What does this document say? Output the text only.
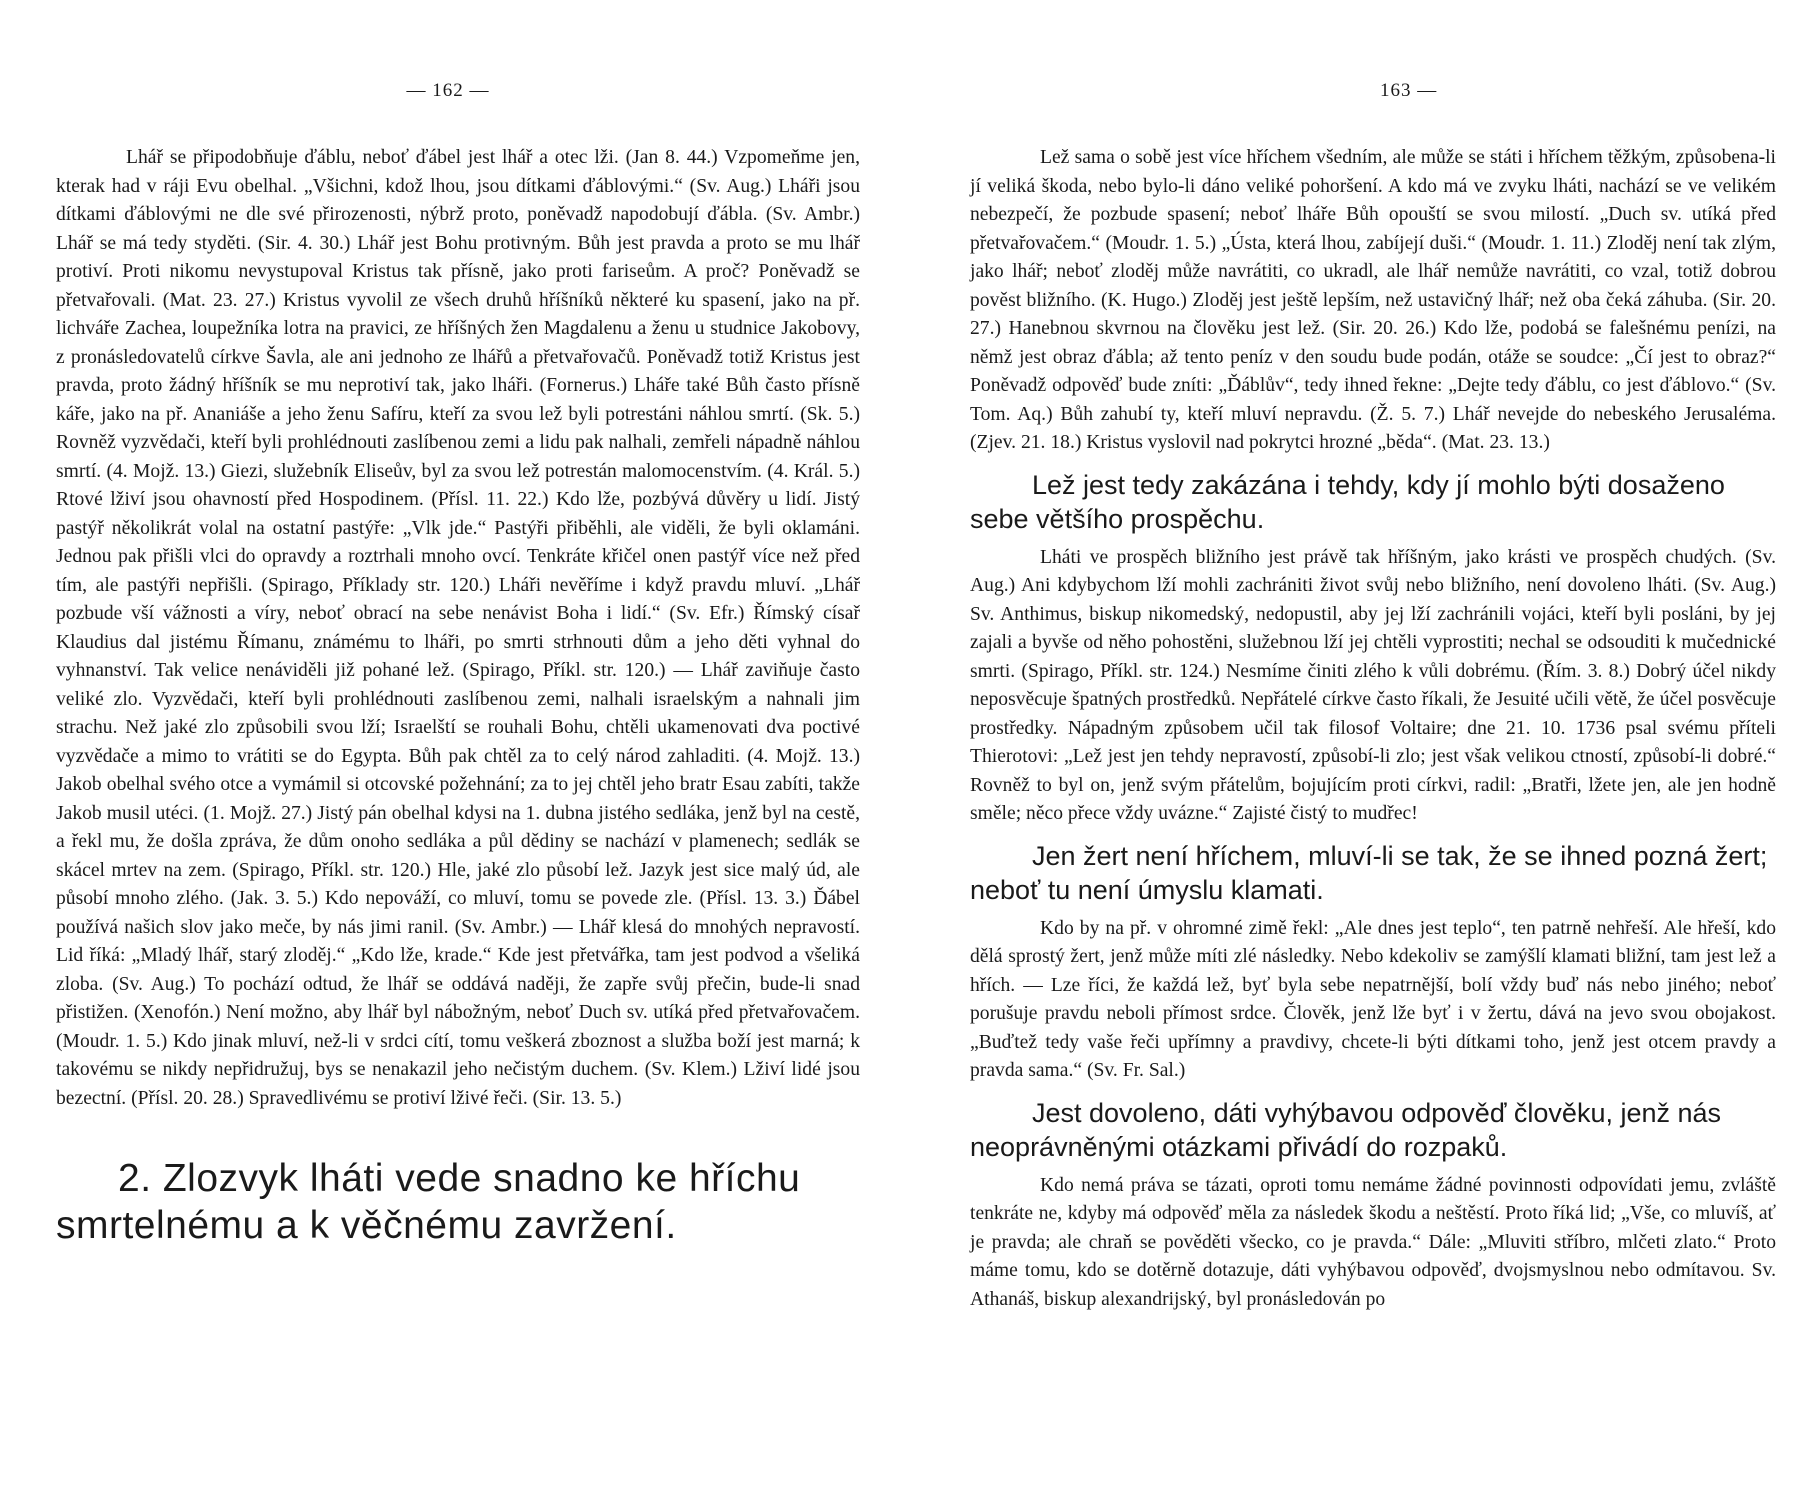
— 162 —

Lhář se připodobňuje ďáblu, neboť ďábel jest lhář a otec lži. (Jan 8. 44.) Vzpomeňme jen, kterak had v ráji Evu obelhal. „Všichni, kdož lhou, jsou dítkami ďáblovými.“ (Sv. Aug.) Lháři jsou dítkami ďáblovými ne dle své přirozenosti, nýbrž proto, poněvadž napodobují ďábla. (Sv. Ambr.) Lhář se má tedy styděti. (Sir. 4. 30.) Lhář jest Bohu protivným. Bůh jest pravda a proto se mu lhář protiví. Proti nikomu nevystupoval Kristus tak přísně, jako proti fariseům. A proč? Poněvadž se přetvařovali. (Mat. 23. 27.) Kristus vyvolil ze všech druhů hříšníků některé ku spasení, jako na př. lichváře Zachea, loupežníka lotra na pravici, ze hříšných žen Magdalenu a ženu u studnice Jakobovy, z pronásledovatelů církve Šavla, ale ani jednoho ze lhářů a přetvařovačů. Poněvadž totiž Kristus jest pravda, proto žádný hříšník se mu neprotiví tak, jako lháři. (Fornerus.) Lháře také Bůh často přísně káře, jako na př. Ananiáše a jeho ženu Safíru, kteří za svou lež byli potrestáni náhlou smrtí. (Sk. 5.) Rovněž vyzvědači, kteří byli prohlédnouti zaslíbenou zemi a lidu pak nalhali, zemřeli nápadně náhlou smrtí. (4. Mojž. 13.) Giezi, služebník Eliseův, byl za svou lež potrestán malomocenstvím. (4. Král. 5.) Rtové lživí jsou ohavností před Hospodinem. (Přísl. 11. 22.) Kdo lže, pozbývá důvěry u lidí. Jistý pastýř několikrát volal na ostatní pastýře: „Vlk jde.“ Pastýři přiběhli, ale viděli, že byli oklamáni. Jednou pak přišli vlci do opravdy a roztrhali mnoho ovcí. Tenkráte křičel onen pastýř více než před tím, ale pastýři nepřišli. (Spirago, Příklady str. 120.) Lháři nevěříme i když pravdu mluví. „Lhář pozbude vší vážnosti a víry, neboť obrací na sebe nenávist Boha i lidí.“ (Sv. Efr.) Římský císař Klaudius dal jistému Římanu, známému to lháři, po smrti strhnouti dům a jeho děti vyhnal do vyhnanství. Tak velice nenáviděli již pohané lež. (Spirago, Příkl. str. 120.) — Lhář zaviňuje často veliké zlo. Vyzvědači, kteří byli prohlédnouti zaslíbenou zemi, nalhali israelským a nahnali jim strachu. Než jaké zlo způsobili svou lží; Israelští se rouhali Bohu, chtěli ukamenovati dva poctivé vyzvědače a mimo to vrátiti se do Egypta. Bůh pak chtěl za to celý národ zahladiti. (4. Mojž. 13.) Jakob obelhal svého otce a vymámil si otcovské požehnání; za to jej chtěl jeho bratr Esau zabíti, takže Jakob musil utéci. (1. Mojž. 27.) Jistý pán obelhal kdysi na 1. dubna jistého sedláka, jenž byl na cestě, a řekl mu, že došla zpráva, že dům onoho sedláka a půl dědiny se nachází v plamenech; sedlák se skácel mrtev na zem. (Spirago, Příkl. str. 120.) Hle, jaké zlo působí lež. Jazyk jest sice malý úd, ale působí mnoho zlého. (Jak. 3. 5.) Kdo nepováží, co mluví, tomu se povede zle. (Přísl. 13. 3.) Ďábel používá našich slov jako meče, by nás jimi ranil. (Sv. Ambr.) — Lhář klesá do mnohých nepravostí. Lid říká: „Mladý lhář, starý zloděj.“ „Kdo lže, krade.“ Kde jest přetvářka, tam jest podvod a všeliká zloba. (Sv. Aug.) To pochází odtud, že lhář se oddává naději, že zapře svůj přečin, bude-li snad přistižen. (Xenofón.) Není možno, aby lhář byl nábožným, neboť Duch sv. utíká před přetvařovačem. (Moudr. 1. 5.) Kdo jinak mluví, než-li v srdci cítí, tomu veškerá zboznost a služba boží jest marná; k takovému se nikdy nepřidružuj, bys se nenakazil jeho nečistým duchem. (Sv. Klem.) Lživí lidé jsou bezectní. (Přísl. 20. 28.) Spravedlivému se protiví lživé řeči. (Sir. 13. 5.)

2. Zlozvyk lháti vede snadno ke hříchu smrtelnému a k věčnému zavržení.
163 —

Lež sama o sobě jest více hříchem všedním, ale může se státi i hříchem těžkým, způsobena-li jí veliká škoda, nebo bylo-li dáno veliké pohoršení. A kdo má ve zvyku lháti, nachází se ve velikém nebezpečí, že pozbude spasení; neboť lháře Bůh opouští se svou milostí. „Duch sv. utíká před přetvařovačem.“ (Moudr. 1. 5.) „Ústa, která lhou, zabíjejí duši.“ (Moudr. 1. 11.) Zloděj není tak zlým, jako lhář; neboť zloděj může navrátiti, co ukradl, ale lhář nemůže navrátiti, co vzal, totiž dobrou pověst bližního. (K. Hugo.) Zloděj jest ještě lepším, než ustavičný lhář; než oba čeká záhuba. (Sir. 20. 27.) Hanebnou skvrnou na člověku jest lež. (Sir. 20. 26.) Kdo lže, podobá se falešnému penízi, na němž jest obraz ďábla; až tento peníz v den soudu bude podán, otáže se soudce: „Čí jest to obraz?“ Poněvadž odpověď bude zníti: „Ďáblův“, tedy ihned řekne: „Dejte tedy ďáblu, co jest ďáblovo.“ (Sv. Tom. Aq.) Bůh zahubí ty, kteří mluví nepravdu. (Ž. 5. 7.) Lhář nevejde do nebeského Jerusaléma. (Zjev. 21. 18.) Kristus vyslovil nad pokrytci hrozné „běda“. (Mat. 23. 13.)

Lež jest tedy zakázána i tehdy, kdy jí mohlo býti dosaženo sebe většího prospěchu.

Lháti ve prospěch bližního jest právě tak hříšným, jako krásti ve prospěch chudých. (Sv. Aug.) Ani kdybychom lží mohli zachrániti život svůj nebo bližního, není dovoleno lháti. (Sv. Aug.) Sv. Anthimus, biskup nikomedský, nedopustil, aby jej lží zachránili vojáci, kteří byli posláni, by jej zajali a byvše od něho pohostěni, služebnou lží jej chtěli vyprostiti; nechal se odsouditi k mučednické smrti. (Spirago, Příkl. str. 124.) Nesmíme činiti zlého k vůli dobrému. (Řím. 3. 8.) Dobrý účel nikdy neposvěcuje špatných prostředků. Nepřátelé církve často říkali, že Jesuité učili větě, že účel posvěcuje prostředky. Nápadným způsobem učil tak filosof Voltaire; dne 21. 10. 1736 psal svému příteli Thierotovi: „Lež jest jen tehdy nepravostí, způsobí-li zlo; jest však velikou ctností, způsobí-li dobré.“ Rovněž to byl on, jenž svým přátelům, bojujícím proti církvi, radil: „Bratři, lžete jen, ale jen hodně směle; něco přece vždy uvázne.“ Zajisté čistý to mudřec!

Jen žert není hříchem, mluví-li se tak, že se ihned pozná žert; neboť tu není úmyslu klamati.

Kdo by na př. v ohromné zimě řekl: „Ale dnes jest teplo“, ten patrně nehřeší. Ale hřeší, kdo dělá sprostý žert, jenž může míti zlé následky. Nebo kdekoliv se zamýšlí klamati bližní, tam jest lež a hřích. — Lze říci, že každá lež, byť byla sebe nepatrnější, bolí vždy buď nás nebo jiného; neboť porušuje pravdu neboli přímost srdce. Člověk, jenž lže byť i v žertu, dává na jevo svou obojakost. „Buďtež tedy vaše řeči upřímny a pravdivy, chcete-li býti dítkami toho, jenž jest otcem pravdy a pravda sama.“ (Sv. Fr. Sal.)

Jest dovoleno, dáti vyhýbavou odpověď člověku, jenž nás neoprávněnými otázkami přivádí do rozpaků.

Kdo nemá práva se tázati, oproti tomu nemáme žádné povinnosti odpovídati jemu, zvláště tenkráte ne, kdyby má odpověď měla za následek škodu a neštěstí. Proto říká lid; „Vše, co mluvíš, ať je pravda; ale chraň se pověděti všecko, co je pravda.“ Dále: „Mluviti stříbro, mlčeti zlato.“ Proto máme tomu, kdo se dotěrně dotazuje, dáti vyhýbavou odpověď, dvojsmyslnou nebo odmítavou. Sv. Athanáš, biskup alexandrijský, byl pronásledován po
